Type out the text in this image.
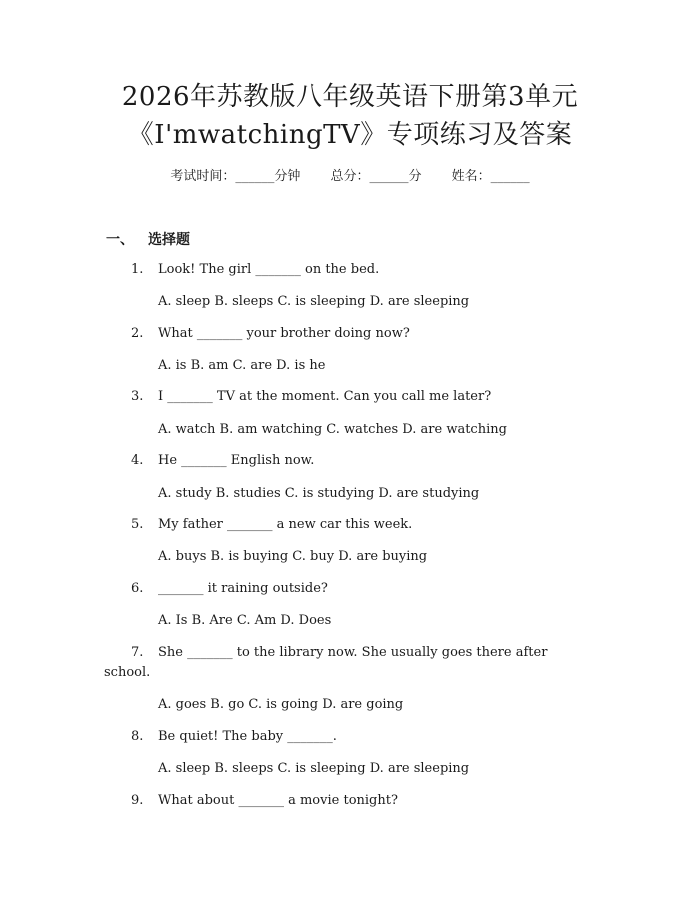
2026年苏教版八年级英语下册第3单元
《I'mwatchingTV》专项练习及答案
考试时间：______分钟 总分：______分 姓名：______
一、 选择题
1.	Look! The girl _______ on the bed.
A. sleep B. sleeps C. is sleeping D. are sleeping
2.	What _______ your brother doing now?
A. is B. am C. are D. is he
3.	I _______ TV at the moment. Can you call me later?
A. watch B. am watching C. watches D. are watching
4.	He _______ English now.
A. study B. studies C. is studying D. are studying
5.	My father _______ a new car this week.
A. buys B. is buying C. buy D. are buying
6.	_______ it raining outside?
A. Is B. Are C. Am D. Does
7.	She _______ to the library now. She usually goes there after
school.
A. goes B. go C. is going D. are going
8.	Be quiet! The baby _______.
A. sleep B. sleeps C. is sleeping D. are sleeping
9.	What about _______ a movie tonight?
